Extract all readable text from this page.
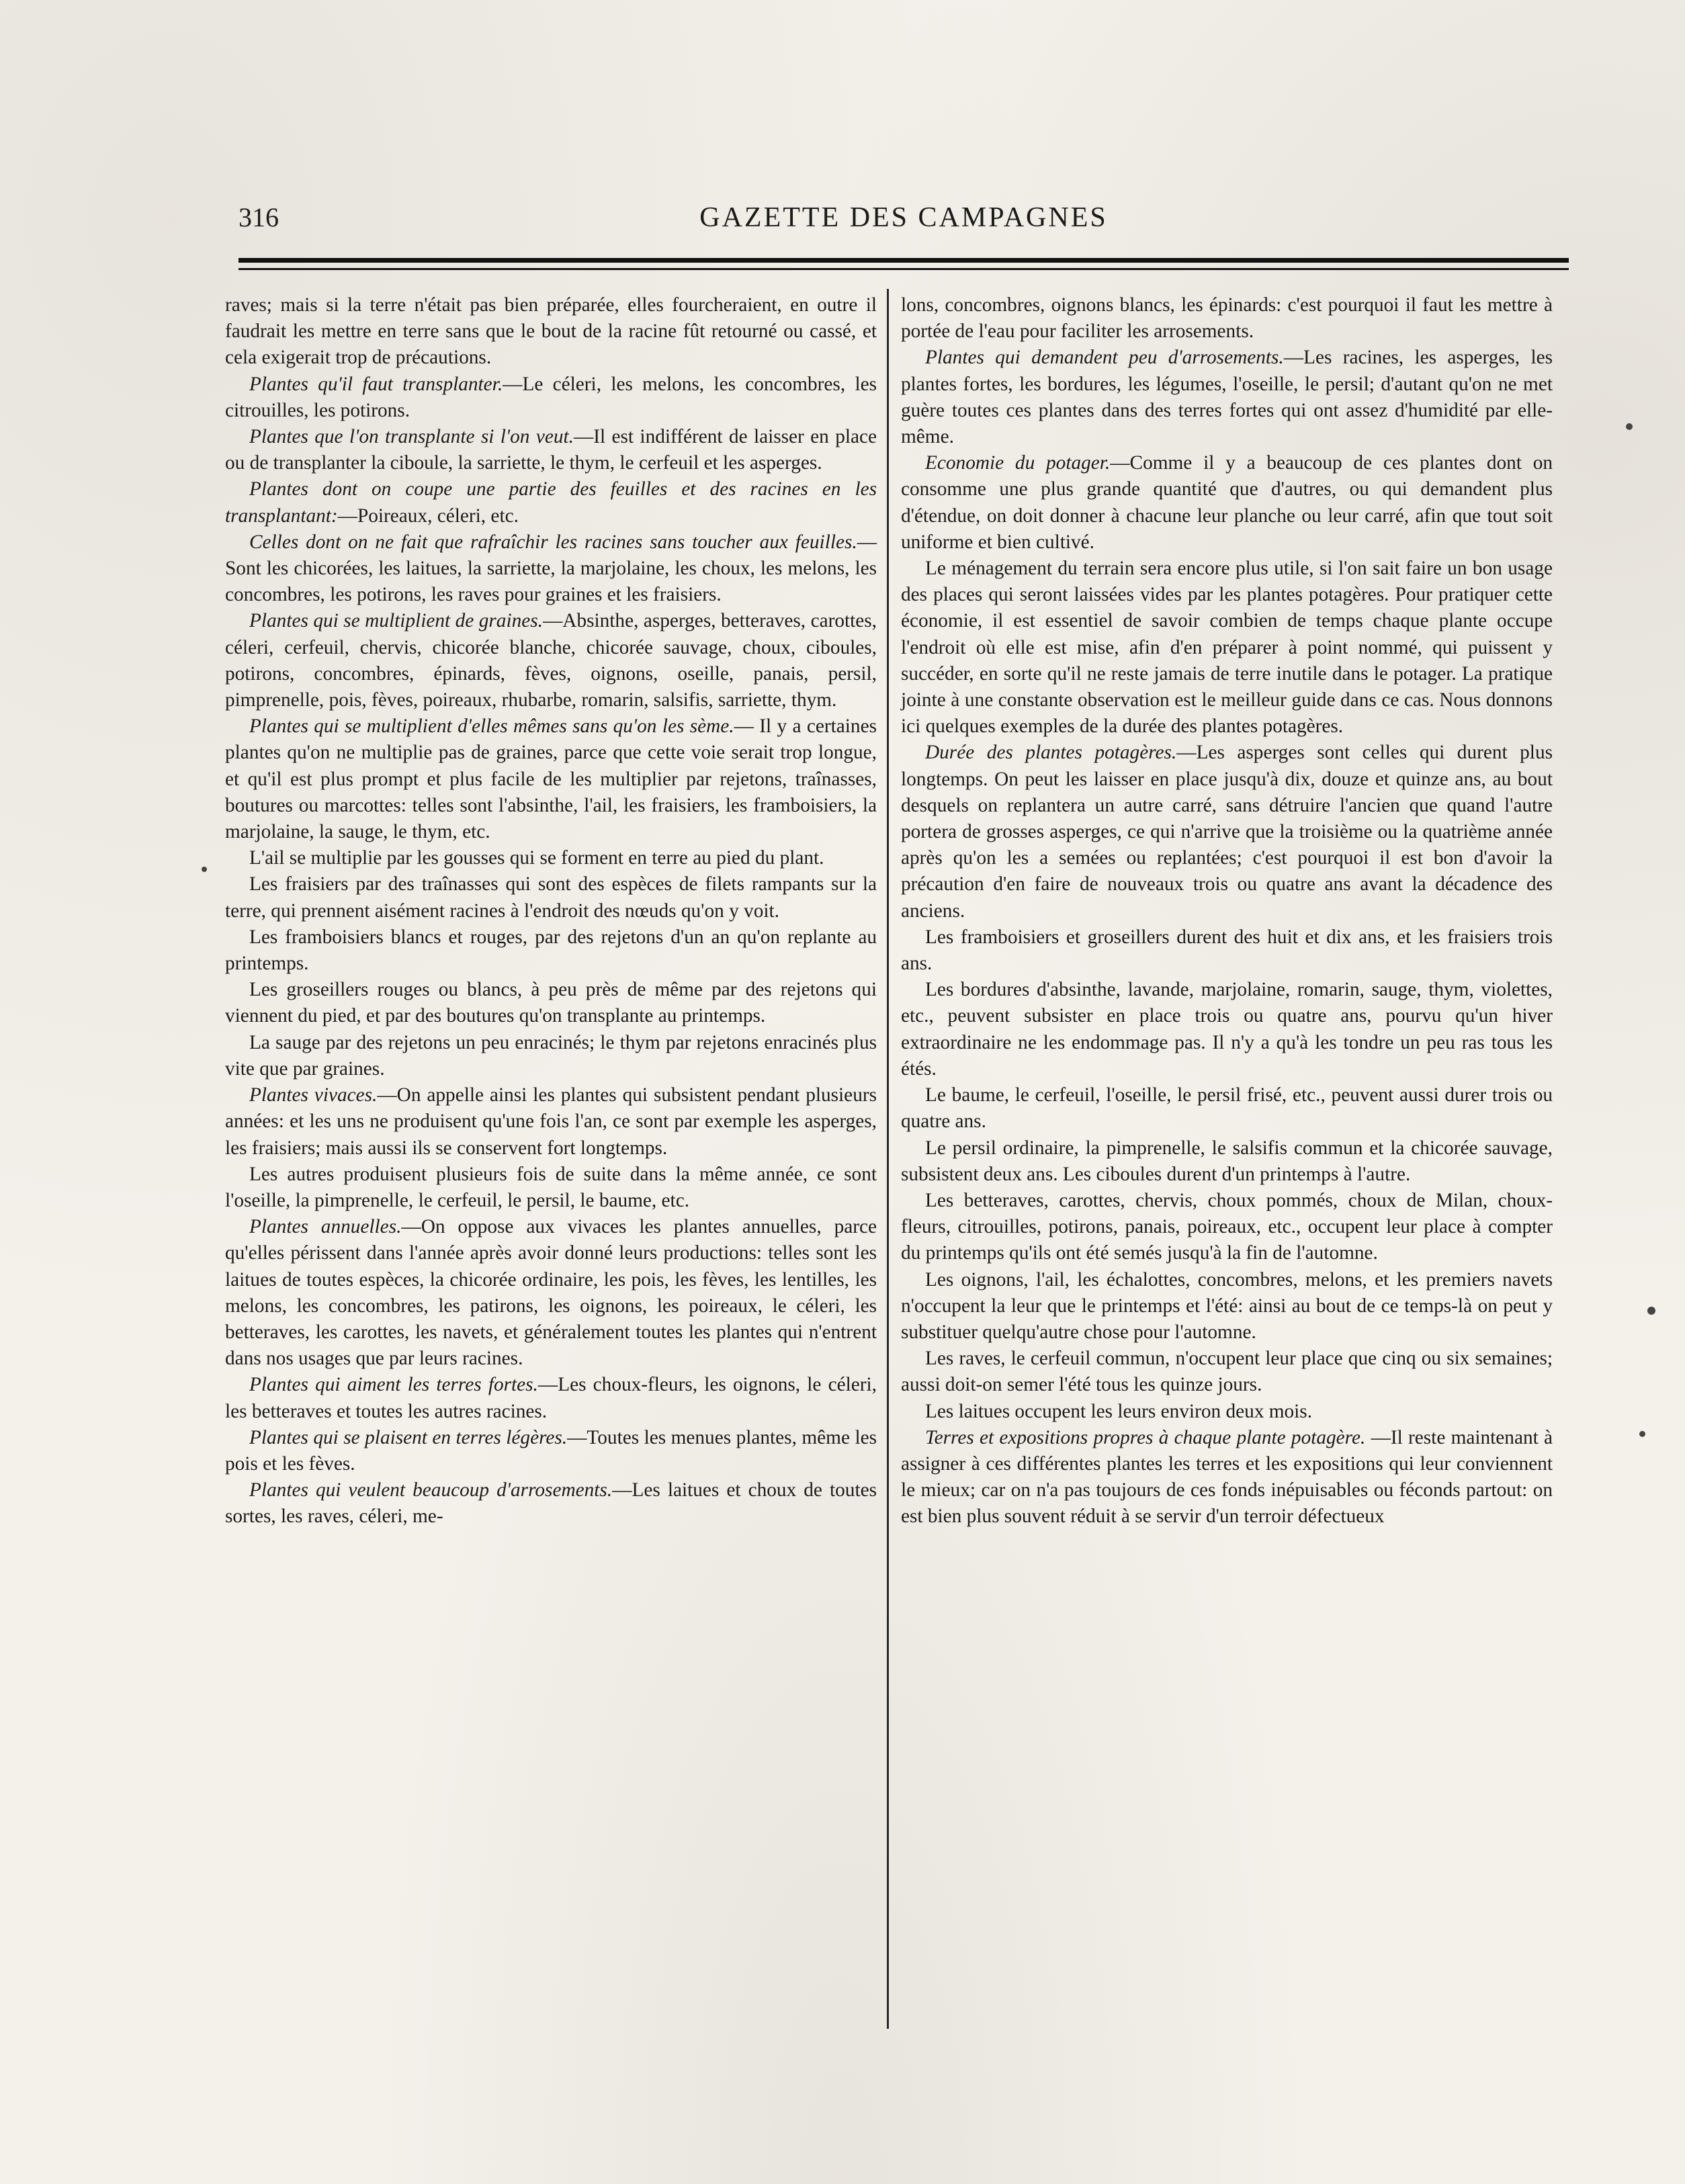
316	GAZETTE DES CAMPAGNES

raves; mais si la terre n'était pas bien préparée, elles fourcheraient, en outre il faudrait les mettre en terre sans que le bout de la racine fût retourné ou cassé, et cela exigerait trop de précautions.

Plantes qu'il faut transplanter.—Le céleri, les melons, les concombres, les citrouilles, les potirons.

Plantes que l'on transplante si l'on veut.—Il est indifférent de laisser en place ou de transplanter la ciboule, la sarriette, le thym, le cerfeuil et les asperges.

Plantes dont on coupe une partie des feuilles et des racines en les transplantant:—Poireaux, céleri, etc.

Celles dont on ne fait que rafraîchir les racines sans toucher aux feuilles.—Sont les chicorées, les laitues, la sarriette, la marjolaine, les choux, les melons, les concombres, les potirons, les raves pour graines et les fraisiers.

Plantes qui se multiplient de graines.—Absinthe, asperges, betteraves, carottes, céleri, cerfeuil, chervis, chicorée blanche, chicorée sauvage, choux, ciboules, potirons, concombres, épinards, fèves, oignons, oseille, panais, persil, pimprenelle, pois, fèves, poireaux, rhubarbe, romarin, salsifis, sarriette, thym.

Plantes qui se multiplient d'elles mêmes sans qu'on les sème.— Il y a certaines plantes qu'on ne multiplie pas de graines, parce que cette voie serait trop longue, et qu'il est plus prompt et plus facile de les multiplier par rejetons, traînasses, boutures ou marcottes: telles sont l'absinthe, l'ail, les fraisiers, les framboisiers, la marjolaine, la sauge, le thym, etc.

L'ail se multiplie par les gousses qui se forment en terre au pied du plant.

Les fraisiers par des traînasses qui sont des espèces de filets rampants sur la terre, qui prennent aisément racines à l'endroit des nœuds qu'on y voit.

Les framboisiers blancs et rouges, par des rejetons d'un an qu'on replante au printemps.

Les groseillers rouges ou blancs, à peu près de même par des rejetons qui viennent du pied, et par des boutures qu'on transplante au printemps.

La sauge par des rejetons un peu enracinés; le thym par rejetons enracinés plus vite que par graines.

Plantes vivaces.—On appelle ainsi les plantes qui subsistent pendant plusieurs années: et les uns ne produisent qu'une fois l'an, ce sont par exemple les asperges, les fraisiers; mais aussi ils se conservent fort longtemps.

Les autres produisent plusieurs fois de suite dans la même année, ce sont l'oseille, la pimprenelle, le cerfeuil, le persil, le baume, etc.

Plantes annuelles.—On oppose aux vivaces les plantes annuelles, parce qu'elles périssent dans l'année après avoir donné leurs productions: telles sont les laitues de toutes espèces, la chicorée ordinaire, les pois, les fèves, les lentilles, les melons, les concombres, les patirons, les oignons, les poireaux, le céleri, les betteraves, les carottes, les navets, et généralement toutes les plantes qui n'entrent dans nos usages que par leurs racines.

Plantes qui aiment les terres fortes.—Les choux-fleurs, les oignons, le céleri, les betteraves et toutes les autres racines.

Plantes qui se plaisent en terres légères.—Toutes les menues plantes, même les pois et les fèves.

Plantes qui veulent beaucoup d'arrosements.—Les laitues et choux de toutes sortes, les raves, céleri, me-

lons, concombres, oignons blancs, les épinards: c'est pourquoi il faut les mettre à portée de l'eau pour faciliter les arrosements.

Plantes qui demandent peu d'arrosements.—Les racines, les asperges, les plantes fortes, les bordures, les légumes, l'oseille, le persil; d'autant qu'on ne met guère toutes ces plantes dans des terres fortes qui ont assez d'humidité par elle-même.

Economie du potager.—Comme il y a beaucoup de ces plantes dont on consomme une plus grande quantité que d'autres, ou qui demandent plus d'étendue, on doit donner à chacune leur planche ou leur carré, afin que tout soit uniforme et bien cultivé.

Le ménagement du terrain sera encore plus utile, si l'on sait faire un bon usage des places qui seront laissées vides par les plantes potagères. Pour pratiquer cette économie, il est essentiel de savoir combien de temps chaque plante occupe l'endroit où elle est mise, afin d'en préparer à point nommé, qui puissent y succéder, en sorte qu'il ne reste jamais de terre inutile dans le potager. La pratique jointe à une constante observation est le meilleur guide dans ce cas. Nous donnons ici quelques exemples de la durée des plantes potagères.

Durée des plantes potagères.—Les asperges sont celles qui durent plus longtemps. On peut les laisser en place jusqu'à dix, douze et quinze ans, au bout desquels on replantera un autre carré, sans détruire l'ancien que quand l'autre portera de grosses asperges, ce qui n'arrive que la troisième ou la quatrième année après qu'on les a semées ou replantées; c'est pourquoi il est bon d'avoir la précaution d'en faire de nouveaux trois ou quatre ans avant la décadence des anciens.

Les framboisiers et groseillers durent des huit et dix ans, et les fraisiers trois ans.

Les bordures d'absinthe, lavande, marjolaine, romarin, sauge, thym, violettes, etc., peuvent subsister en place trois ou quatre ans, pourvu qu'un hiver extraordinaire ne les endommage pas. Il n'y a qu'à les tondre un peu ras tous les étés.

Le baume, le cerfeuil, l'oseille, le persil frisé, etc., peuvent aussi durer trois ou quatre ans.

Le persil ordinaire, la pimprenelle, le salsifis commun et la chicorée sauvage, subsistent deux ans. Les ciboules durent d'un printemps à l'autre.

Les betteraves, carottes, chervis, choux pommés, choux de Milan, choux-fleurs, citrouilles, potirons, panais, poireaux, etc., occupent leur place à compter du printemps qu'ils ont été semés jusqu'à la fin de l'automne.

Les oignons, l'ail, les échalottes, concombres, melons, et les premiers navets n'occupent la leur que le printemps et l'été: ainsi au bout de ce temps-là on peut y substituer quelqu'autre chose pour l'automne.

Les raves, le cerfeuil commun, n'occupent leur place que cinq ou six semaines; aussi doit-on semer l'été tous les quinze jours.

Les laitues occupent les leurs environ deux mois.

Terres et expositions propres à chaque plante potagère. —Il reste maintenant à assigner à ces différentes plantes les terres et les expositions qui leur conviennent le mieux; car on n'a pas toujours de ces fonds inépuisables ou féconds partout: on est bien plus souvent réduit à se servir d'un terroir défectueux
